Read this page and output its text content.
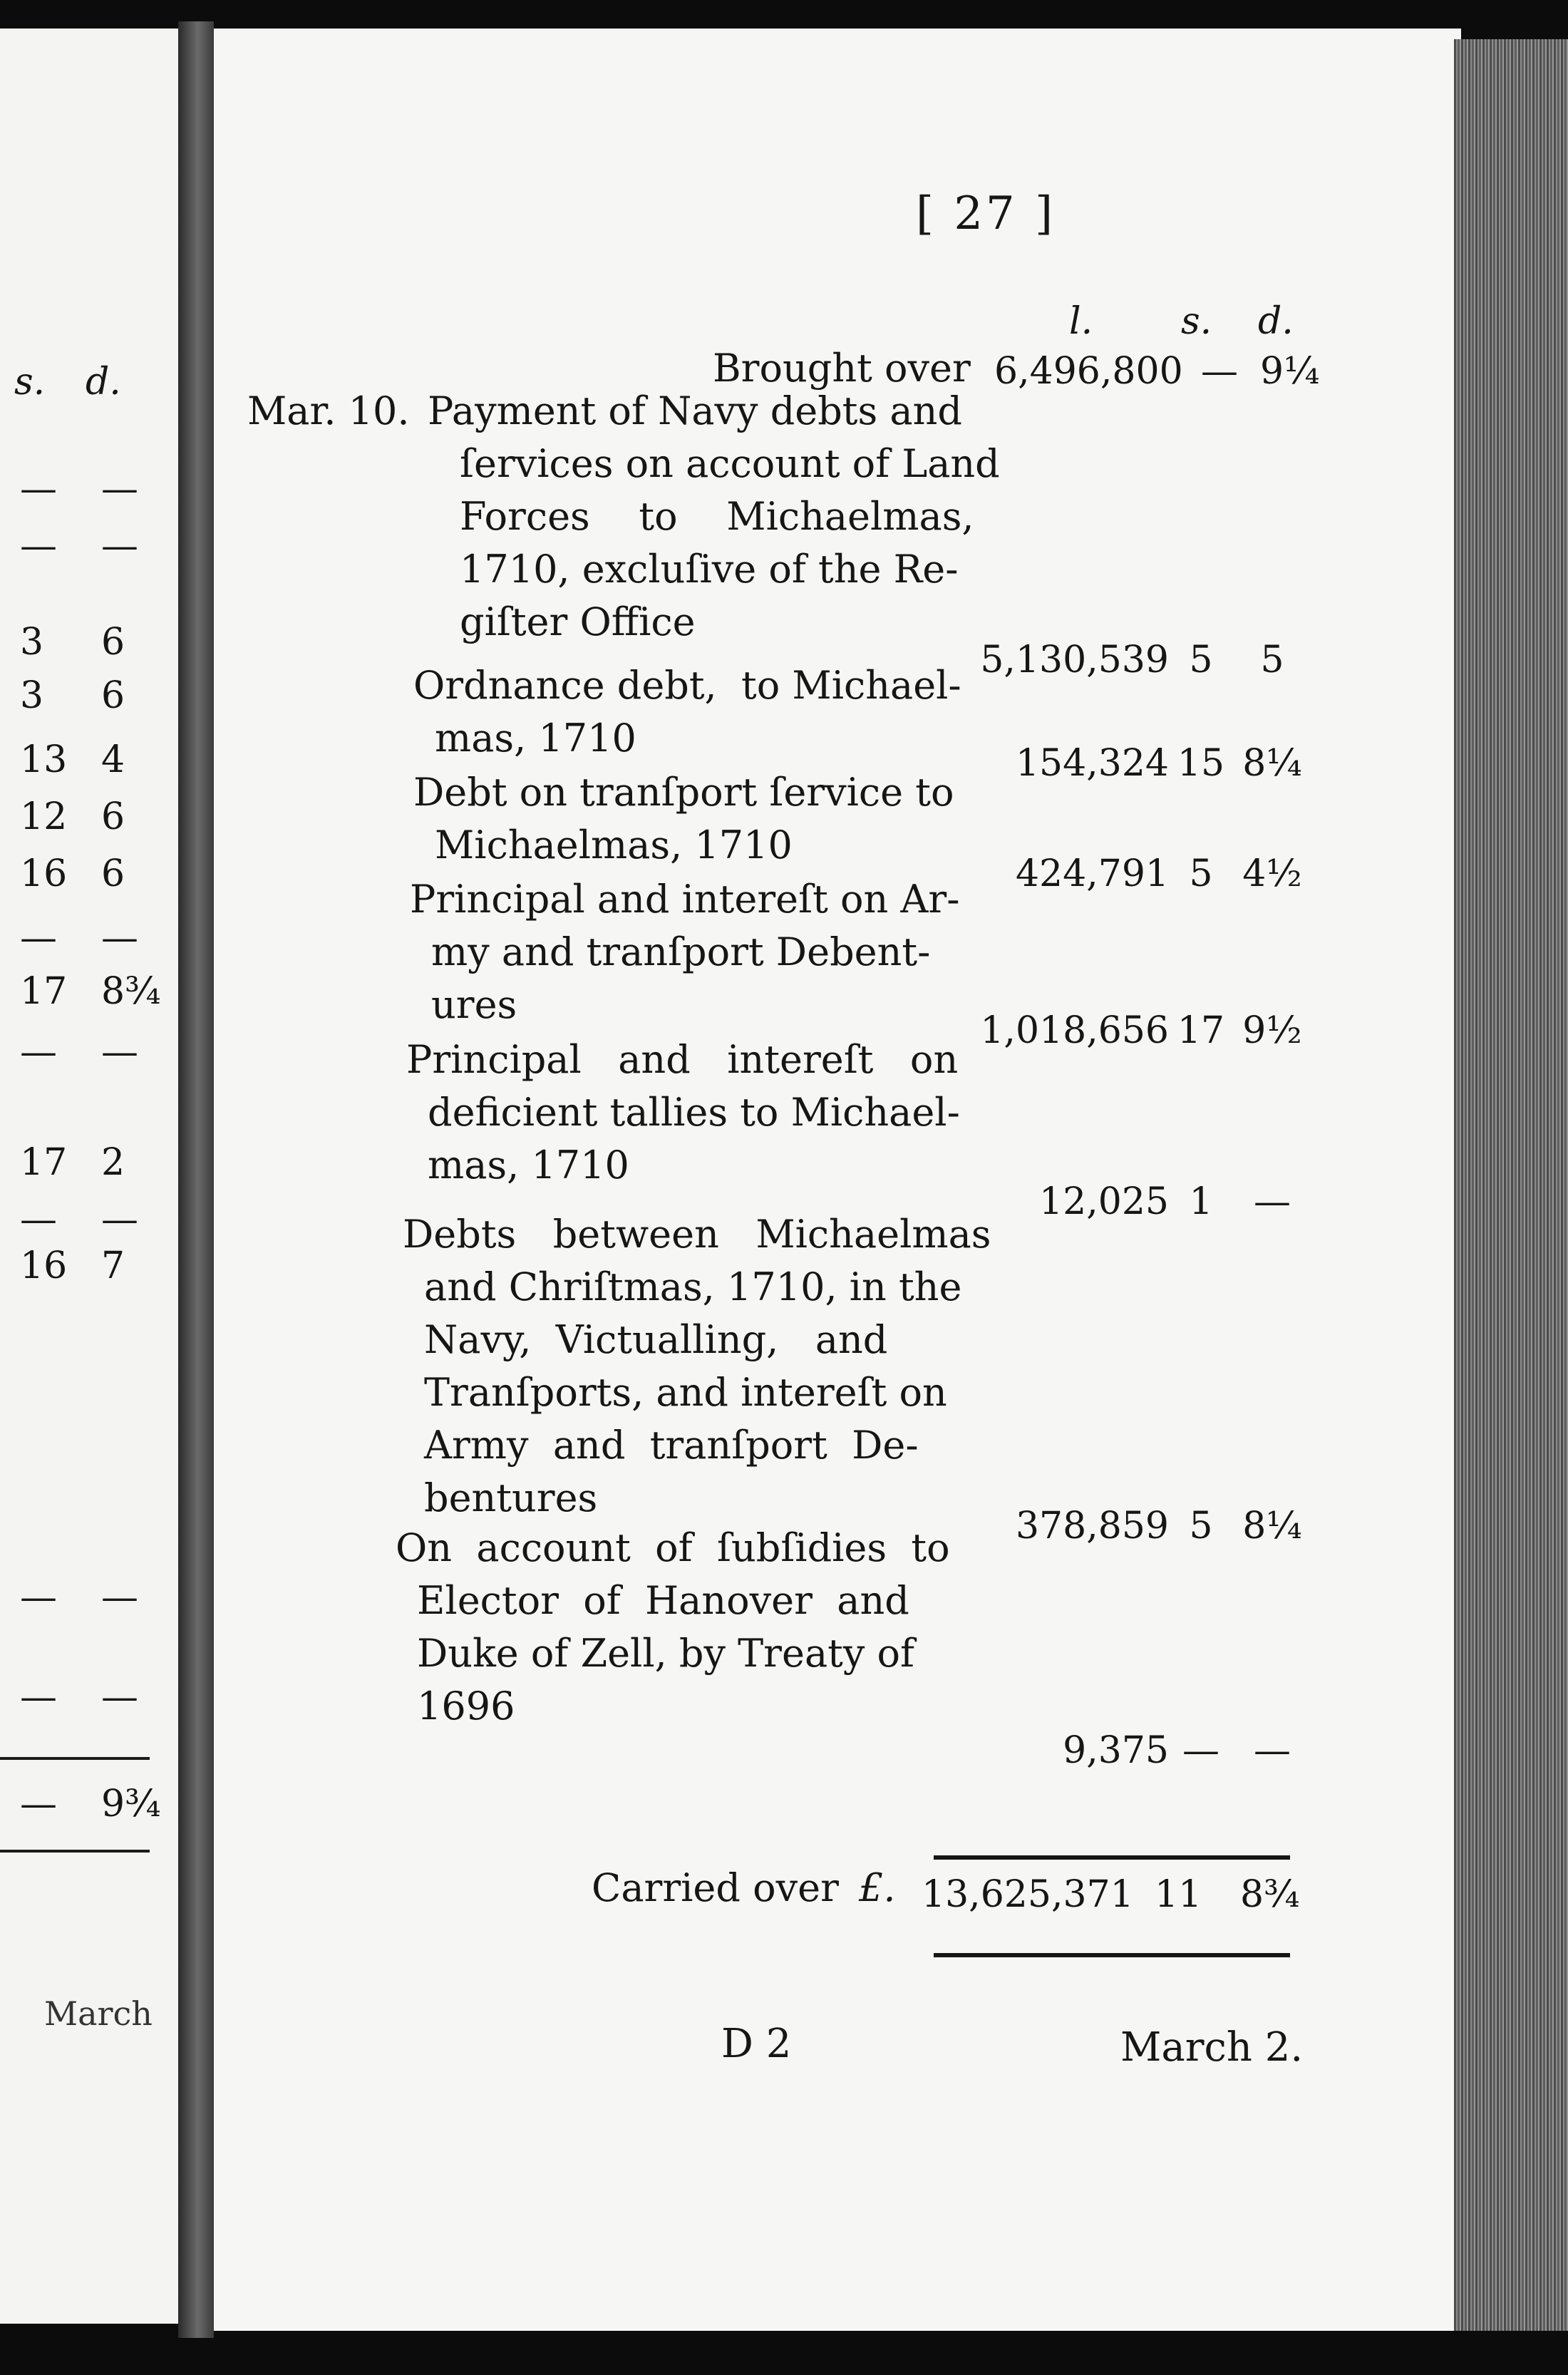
s. d.
— —
— —
3 6
3 6
13 4
12 6
16 6
— —
17 8¾
— —
17 2
— —
16 7
— —
— —
— 9¾
March
[ 27 ]
l. s. d.
Brought over 6,496,800 — 9¼
Mar. 10. Payment of Navy debts and
ſervices on account of Land
Forces    to    Michaelmas,
1710, excluſive of the Re-
giſter Office
5,130,539 5	5
Ordnance debt,  to Michael-
mas, 1710
154,324 15 8¼
Debt on tranſport ſervice to
Michaelmas, 1710
424,791 5 4½
Principal and intereſt on Ar-
my and tranſport Debent-
ures
1,018,656 17 9½
Principal   and   intereſt   on
deficient tallies to Michael-
mas, 1710
12,025 1	—
Debts   between   Michaelmas
and Chriſtmas, 1710, in the
Navy,  Victualling,   and
Tranſports, and intereſt on
Army  and  tranſport  De-
bentures
378,859 5 8¼
On  account  of  ſubſidies  to
Elector  of  Hanover  and
Duke of Zell, by Treaty of
1696
9,375 — —
Carried over £. 13,625,371 11 8¾
D 2	March 2.
